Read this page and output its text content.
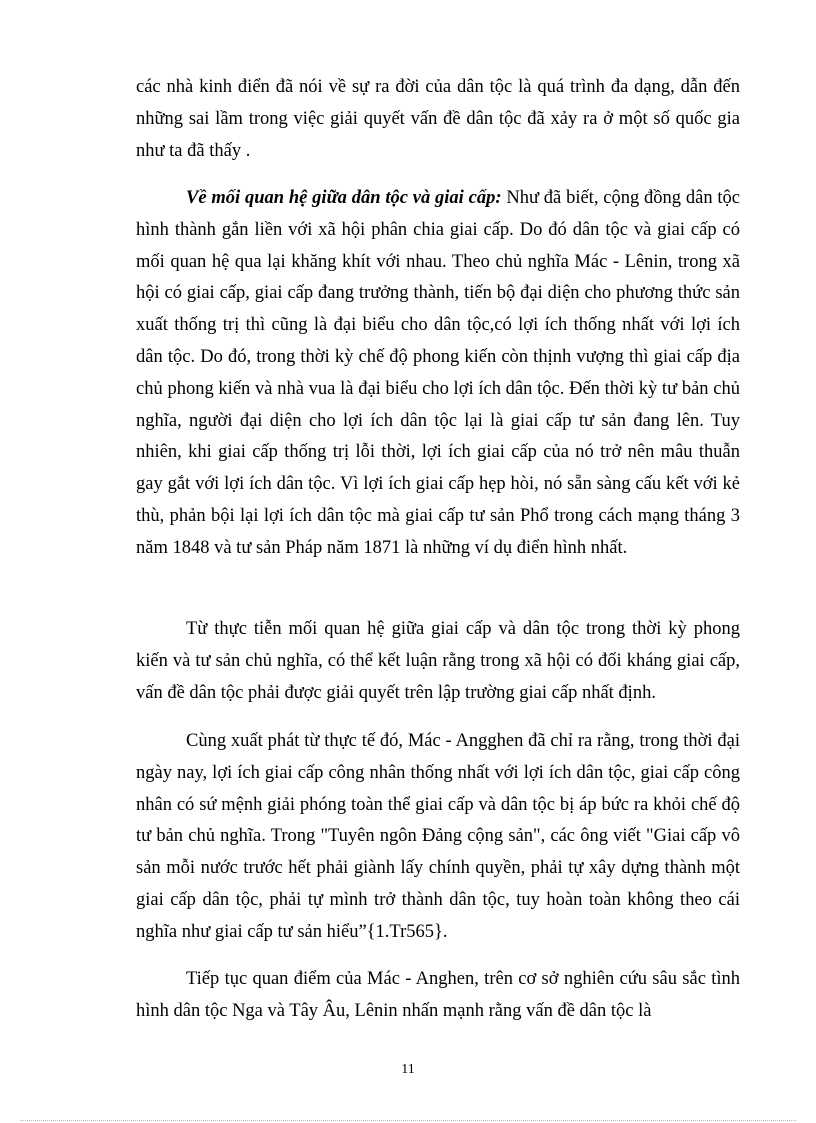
các nhà kinh điển đã nói về sự ra đời của dân tộc là quá trình đa dạng, dẫn đến những sai lầm trong việc giải quyết vấn đề dân tộc đã xảy ra ở một số quốc gia như ta đã thấy .

Về mối quan hệ giữa dân tộc và giai cấp: Như đã biết, cộng đồng dân tộc hình thành gắn liền với xã hội phân chia giai cấp. Do đó dân tộc và giai cấp có mối quan hệ qua lại khăng khít với nhau. Theo chủ nghĩa Mác - Lênin, trong xã hội có giai cấp, giai cấp đang trưởng thành, tiến bộ đại diện cho phương thức sản xuất thống trị thì cũng là đại biểu cho dân tộc,có lợi ích thống nhất với lợi ích dân tộc. Do đó, trong thời kỳ chế độ phong kiến còn thịnh vượng thì giai cấp địa chủ phong kiến và nhà vua là đại biểu cho lợi ích dân tộc. Đến thời kỳ tư bản chủ nghĩa, người đại diện cho lợi ích dân tộc lại là giai cấp tư sản đang lên. Tuy nhiên, khi giai cấp thống trị lỗi thời, lợi ích giai cấp của nó trở nên mâu thuẫn gay gắt với lợi ích dân tộc. Vì lợi ích giai cấp hẹp hòi, nó sẵn sàng cấu kết với kẻ thù, phản bội lại lợi ích dân tộc mà giai cấp tư sản Phổ trong cách mạng tháng 3 năm 1848 và tư sản Pháp năm 1871 là những ví dụ điển hình nhất.

Từ thực tiễn mối quan hệ giữa giai cấp và dân tộc trong thời kỳ phong kiến và tư sản chủ nghĩa, có thể kết luận rằng trong xã hội có đối kháng giai cấp, vấn đề dân tộc phải được giải quyết trên lập trường giai cấp nhất định.

Cùng xuất phát từ thực tế đó, Mác - Angghen đã chỉ ra rằng, trong thời đại ngày nay, lợi ích giai cấp công nhân thống nhất với lợi ích dân tộc, giai cấp công nhân có sứ mệnh giải phóng toàn thể giai cấp và dân tộc bị áp bức ra khỏi chế độ tư bản chủ nghĩa. Trong "Tuyên ngôn Đảng cộng sản", các ông viết "Giai cấp vô sản mỗi nước trước hết phải giành lấy chính quyền, phải tự xây dựng thành một giai cấp dân tộc, phải tự mình trở thành dân tộc, tuy hoàn toàn không theo cái nghĩa như giai cấp tư sản hiểu”{1.Tr565}.

Tiếp tục quan điểm của Mác - Anghen, trên cơ sở nghiên cứu sâu sắc tình hình dân tộc Nga và Tây Âu, Lênin nhấn mạnh rằng vấn đề dân tộc là

11
